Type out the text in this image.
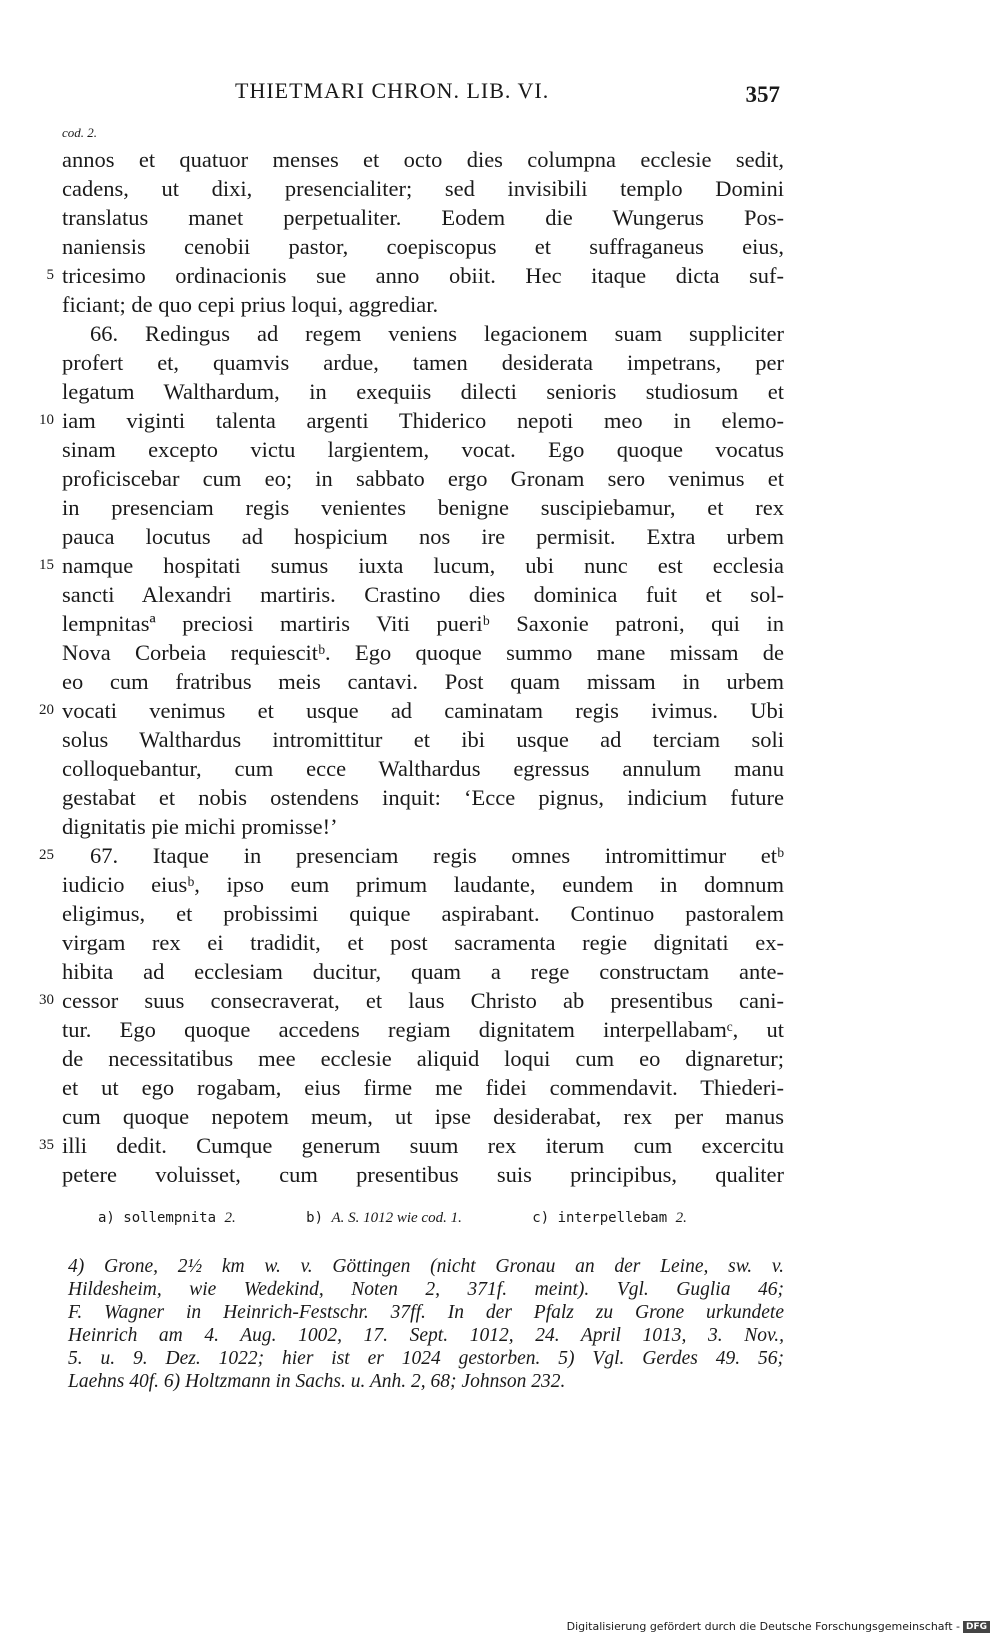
THIETMARI CHRON. LIB. VI.	357
cod. 2.
annos et quatuor menses et octo dies columpna ecclesie sedit,
cadens, ut dixi, presencialiter; sed invisibili templo Domini
translatus manet perpetualiter. Eodem die Wungerus Pos-
naniensis cenobii pastor, coepiscopus et suffraganeus eius,
tricesimo ordinacionis sue anno obiit. Hec itaque dicta suf-
5
ficiant; de quo cepi prius loqui, aggrediar.
66. Redingus ad regem veniens legacionem suam suppliciter
profert et, quamvis ardue, tamen desiderata impetrans, per
legatum Walthardum, in exequiis dilecti senioris studiosum et
iam viginti talenta argenti Thiderico nepoti meo in elemo-
10
sinam excepto victu largientem, vocat. Ego quoque vocatus
proficiscebar cum eo; in sabbato ergo Gronam sero venimus et
in presenciam regis venientes benigne suscipiebamur, et rex
pauca locutus ad hospicium nos ire permisit. Extra urbem
namque hospitati sumus iuxta lucum, ubi nunc est ecclesia
15
sancti Alexandri martiris. Crastino dies dominica fuit et sol-
lempnitasª preciosi martiris Viti pueriᵇ Saxonie patroni, qui in
Nova Corbeia requiescitᵇ. Ego quoque summo mane missam de
eo cum fratribus meis cantavi. Post quam missam in urbem
vocati venimus et usque ad caminatam regis ivimus. Ubi
20
solus Walthardus intromittitur et ibi usque ad terciam soli
colloquebantur, cum ecce Walthardus egressus annulum manu
gestabat et nobis ostendens inquit: ‘Ecce pignus, indicium future
dignitatis pie michi promisse!’
67. Itaque in presenciam regis omnes intromittimur etᵇ
25
iudicio eiusᵇ, ipso eum primum laudante, eundem in domnum
eligimus, et probissimi quique aspirabant. Continuo pastoralem
virgam rex ei tradidit, et post sacramenta regie dignitati ex-
hibita ad ecclesiam ducitur, quam a rege constructam ante-
cessor suus consecraverat, et laus Christo ab presentibus cani-
30
tur. Ego quoque accedens regiam dignitatem interpellabamᶜ, ut
de necessitatibus mee ecclesie aliquid loqui cum eo dignaretur;
et ut ego rogabam, eius firme me fidei commendavit. Thiederi-
cum quoque nepotem meum, ut ipse desiderabat, rex per manus
illi dedit. Cumque generum suum rex iterum cum excercitu
35
petere voluisset, cum presentibus suis principibus, qualiter
a) sollempnita 2.	b) A. S. 1012 wie cod. 1.	c) interpellebam 2.
4) Grone, 2½ km w. v. Göttingen (nicht Gronau an der Leine, sw. v.
Hildesheim, wie Wedekind, Noten 2, 371f. meint). Vgl. Guglia 46;
F. Wagner in Heinrich-Festschr. 37ff. In der Pfalz zu Grone urkundete
Heinrich am 4. Aug. 1002, 17. Sept. 1012, 24. April 1013, 3. Nov.,
5. u. 9. Dez. 1022; hier ist er 1024 gestorben. 5) Vgl. Gerdes 49. 56;
Laehns 40f. 6) Holtzmann in Sachs. u. Anh. 2, 68; Johnson 232.
Digitalisierung gefördert durch die Deutsche Forschungsgemeinschaft - DFG
